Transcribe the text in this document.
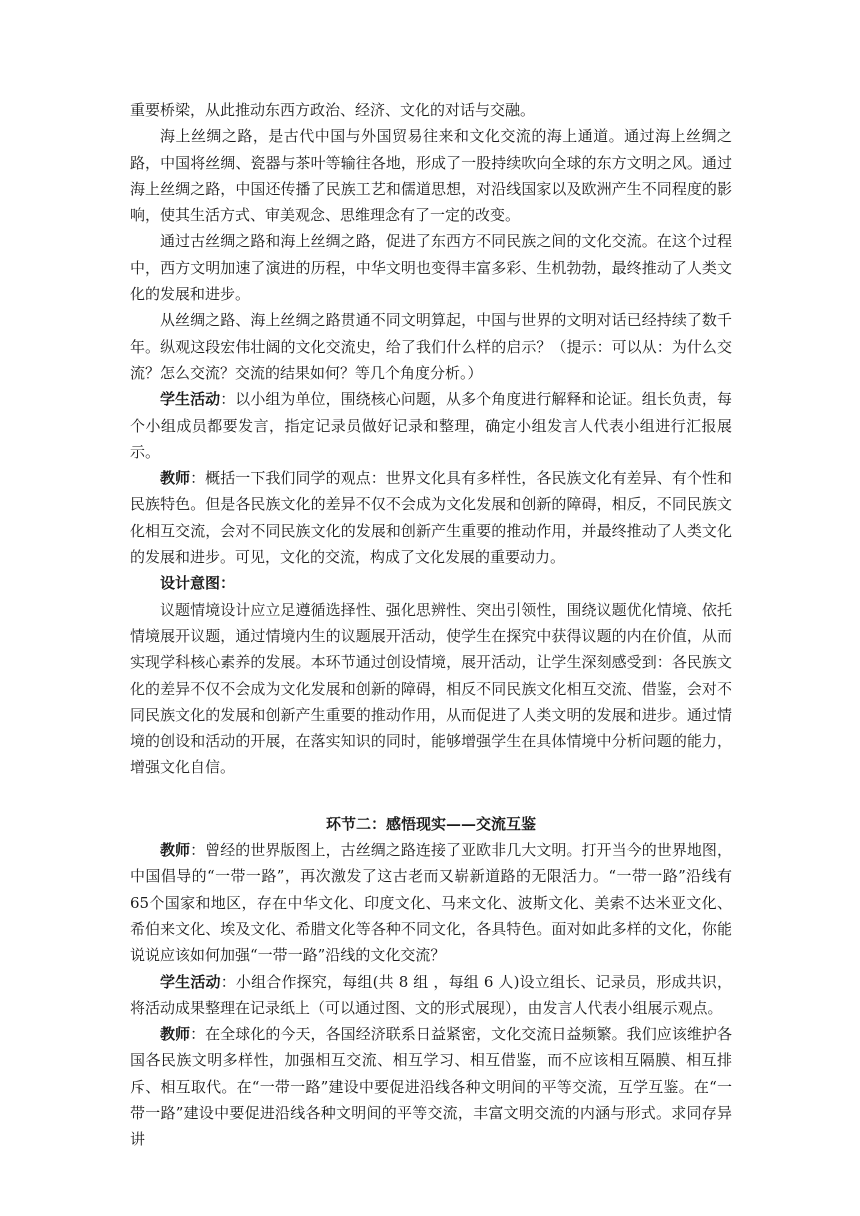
重要桥梁，从此推动东西方政治、经济、文化的对话与交融。

海上丝绸之路，是古代中国与外国贸易往来和文化交流的海上通道。通过海上丝绸之路，中国将丝绸、瓷器与茶叶等输往各地，形成了一股持续吹向全球的东方文明之风。通过海上丝绸之路，中国还传播了民族工艺和儒道思想，对沿线国家以及欧洲产生不同程度的影响，使其生活方式、审美观念、思维理念有了一定的改变。

通过古丝绸之路和海上丝绸之路，促进了东西方不同民族之间的文化交流。在这个过程中，西方文明加速了演进的历程，中华文明也变得丰富多彩、生机勃勃，最终推动了人类文化的发展和进步。

从丝绸之路、海上丝绸之路贯通不同文明算起，中国与世界的文明对话已经持续了数千年。纵观这段宏伟壮阔的文化交流史，给了我们什么样的启示？（提示：可以从：为什么交流？怎么交流？交流的结果如何？等几个角度分析。）

学生活动：以小组为单位，围绕核心问题，从多个角度进行解释和论证。组长负责，每个小组成员都要发言，指定记录员做好记录和整理，确定小组发言人代表小组进行汇报展示。

教师：概括一下我们同学的观点：世界文化具有多样性，各民族文化有差异、有个性和民族特色。但是各民族文化的差异不仅不会成为文化发展和创新的障碍，相反，不同民族文化相互交流，会对不同民族文化的发展和创新产生重要的推动作用，并最终推动了人类文化的发展和进步。可见，文化的交流，构成了文化发展的重要动力。

设计意图：

议题情境设计应立足遵循选择性、强化思辨性、突出引领性，围绕议题优化情境、依托情境展开议题，通过情境内生的议题展开活动，使学生在探究中获得议题的内在价值，从而实现学科核心素养的发展。本环节通过创设情境，展开活动，让学生深刻感受到：各民族文化的差异不仅不会成为文化发展和创新的障碍，相反不同民族文化相互交流、借鉴，会对不同民族文化的发展和创新产生重要的推动作用，从而促进了人类文明的发展和进步。通过情境的创设和活动的开展，在落实知识的同时，能够增强学生在具体情境中分析问题的能力，增强文化自信。

环节二：感悟现实——交流互鉴

教师：曾经的世界版图上，古丝绸之路连接了亚欧非几大文明。打开当今的世界地图，中国倡导的“一带一路”，再次激发了这古老而又崭新道路的无限活力。“一带一路”沿线有65个国家和地区，存在中华文化、印度文化、马来文化、波斯文化、美索不达米亚文化、希伯来文化、埃及文化、希腊文化等各种不同文化，各具特色。面对如此多样的文化，你能说说应该如何加强“一带一路”沿线的文化交流？

学生活动：小组合作探究，每组(共 8 组 ，每组 6 人)设立组长、记录员，形成共识，将活动成果整理在记录纸上（可以通过图、文的形式展现），由发言人代表小组展示观点。

教师：在全球化的今天，各国经济联系日益紧密，文化交流日益频繁。我们应该维护各国各民族文明多样性，加强相互交流、相互学习、相互借鉴，而不应该相互隔膜、相互排斥、相互取代。在“一带一路”建设中要促进沿线各种文明间的平等交流，互学互鉴。在“一带一路”建设中要促进沿线各种文明间的平等交流，丰富文明交流的内涵与形式。求同存异讲
